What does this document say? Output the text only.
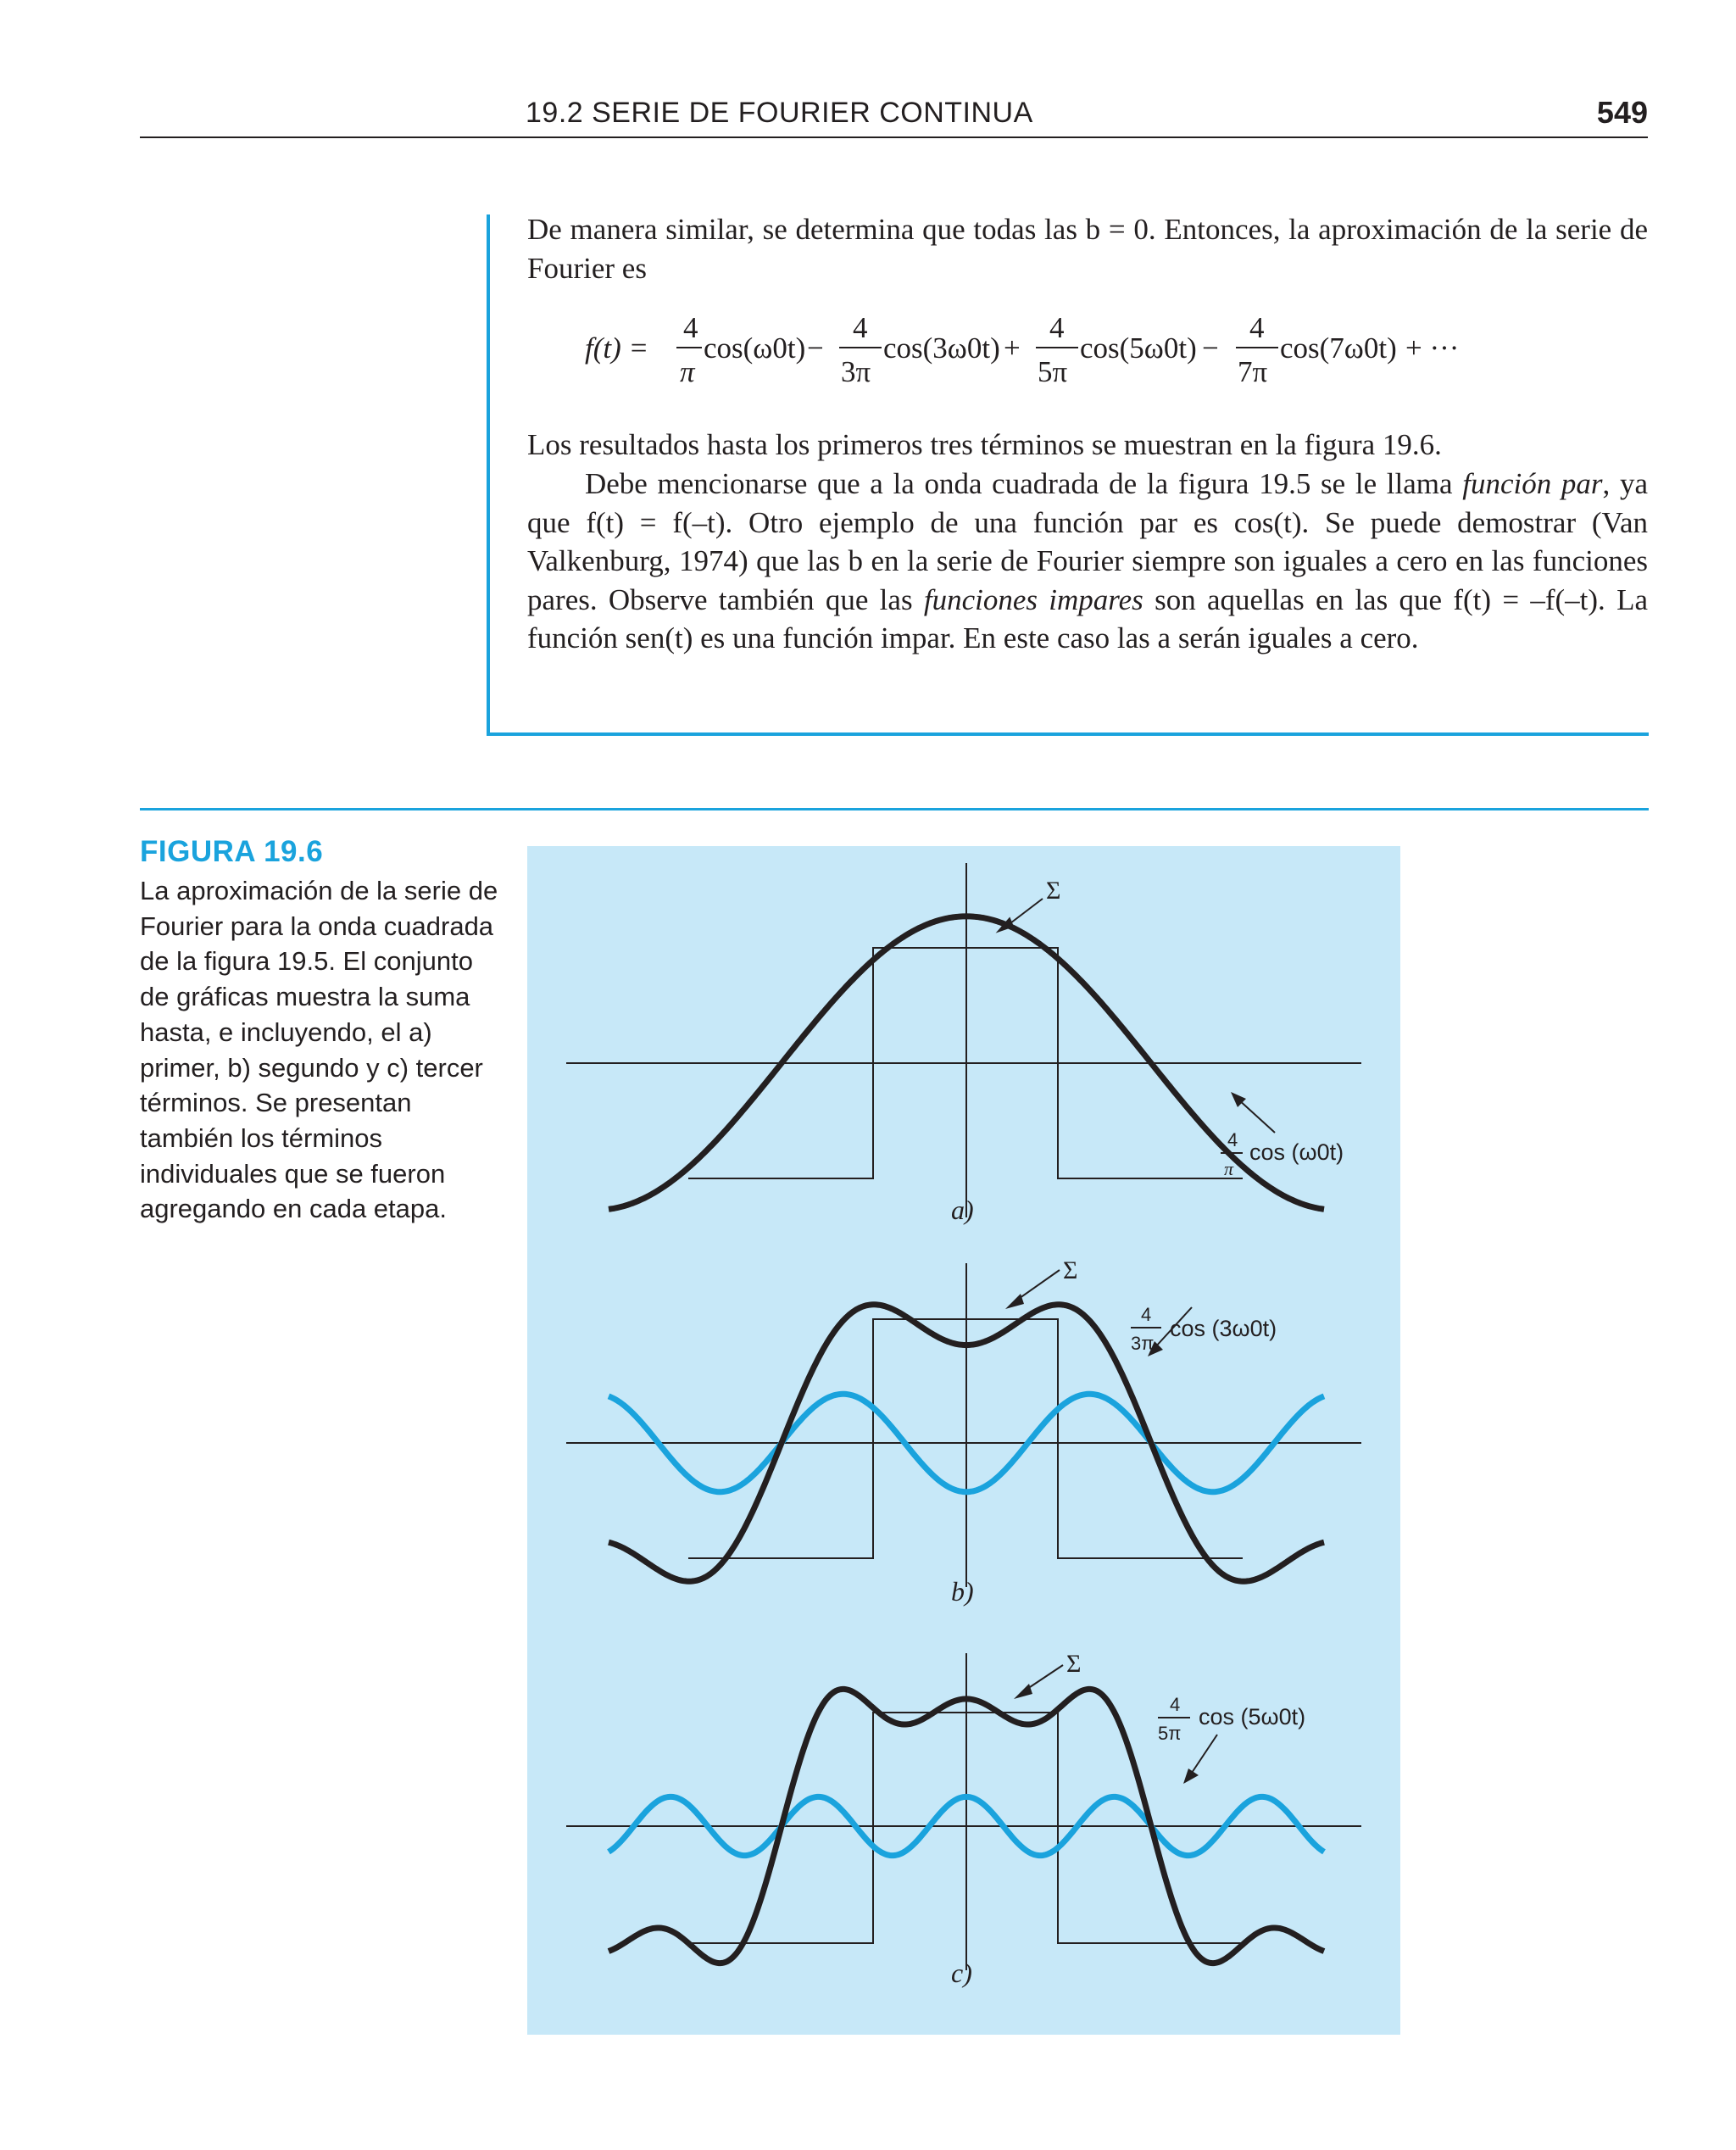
19.2 SERIE DE FOURIER CONTINUA	549
De manera similar, se determina que todas las b = 0. Entonces, la aproximación de la serie de Fourier es
f(t) =
4
π
cos(ω0t) −
4
3π
cos(3ω0t) +
4
5π
cos(5ω0t) −
4
7π
cos(7ω0t) + ···
Los resultados hasta los primeros tres términos se muestran en la figura 19.6.
Debe mencionarse que a la onda cuadrada de la figura 19.5 se le llama función par, ya que f(t) = f(–t). Otro ejemplo de una función par es cos(t). Se puede demostrar (Van Valkenburg, 1974) que las b en la serie de Fourier siempre son iguales a cero en las funciones pares. Observe también que las funciones impares son aquellas en las que f(t) = –f(–t). La función sen(t) es una función impar. En este caso las a serán iguales a cero.
FIGURA 19.6
La aproximación de la serie de Fourier para la onda cuadrada de la figura 19.5. El conjunto de gráficas muestra la suma hasta, e incluyendo, el a) primer, b) segundo y c) tercer términos. Se presentan también los términos individuales que se fueron agregando en cada etapa.
Σ
4
π
cos (ω0t)
a)
Σ
4
3π
cos (3ω0t)
b)
Σ
4
5π
cos (5ω0t)
c)
